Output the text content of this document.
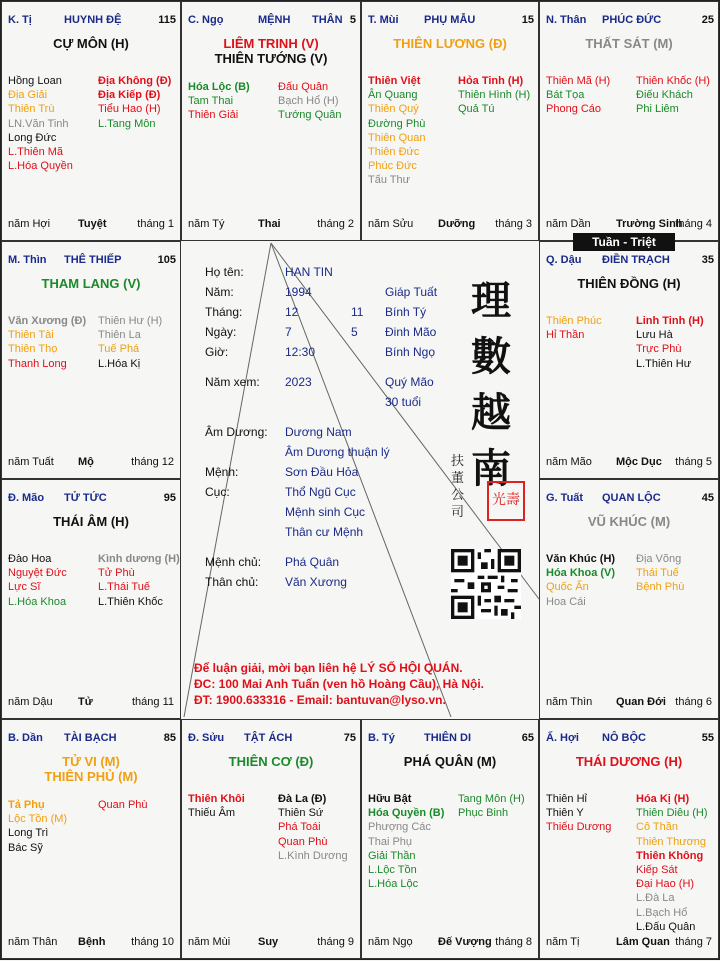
K. Tị	HUYNH ĐỆ	115
CỰ MÔN (H)
Hồng Loan
Địa Giải
Thiên Trù
LN.Văn Tinh
Long Đức
L.Thiên Mã
L.Hóa Quyền
Địa Không (Đ)
Địa Kiếp (Đ)
Tiểu Hao (H)
L.Tang Môn
năm Hợi	Tuyệt	tháng 1
C. Ngọ	MỆNH	5
THÂN
LIÊM TRINH (V)
THIÊN TƯỚNG (V)
Hóa Lộc (B)
Tam Thai
Thiên Giải
Đấu Quân
Bạch Hổ (H)
Tướng Quân
năm Tý	Thai	tháng 2
T. Mùi PHỤ MẪU	15
THIÊN LƯƠNG (Đ)
Thiên Việt
Ân Quang
Thiên Quý
Đường Phù
Thiên Quan
Thiên Đức
Phúc Đức
Tấu Thư
Hỏa Tinh (H)
Thiên Hình (H)
Quả Tú
năm Sửu Dưỡng tháng 3
N. Thân PHÚC ĐỨC	25
THẤT SÁT (M)
Thiên Mã (H)
Bát Tọa
Phong Cáo
Thiên Khốc (H)
Điếu Khách
Phi Liêm
năm Dần Trường Sinh
tháng 4
M. Thìn THÊ THIẾP	105
THAM LANG (V)
Văn Xương (Đ)
Thiên Tài
Thiên Thọ
Thanh Long
Thiên Hư (H)
Thiên La
Tuế Phá
L.Hóa Kị
năm Tuất Mộ	tháng 12
Q. Dậu ĐIỀN TRẠCH	35
THIÊN ĐỒNG (H)
Thiên Phúc
Hỉ Thần
Linh Tinh (H)
Lưu Hà
Trực Phù
L.Thiên Hư
năm Mão Mộc Dục tháng 5
Đ. Mão TỬ TỨC	95
THÁI ÂM (H)
Đào Hoa
Nguyệt Đức
Lực Sĩ
L.Hóa Khoa
Kình dương (H)
Tử Phù
L.Thái Tuế
L.Thiên Khốc
năm Dậu Tử	tháng 11
G. Tuất QUAN LỘC	45
VŨ KHÚC (M)
Văn Khúc (H)
Hóa Khoa (V)
Quốc Ấn
Hoa Cái
Địa Võng
Thái Tuế
Bệnh Phù
năm Thìn Quan Đới tháng 6
B. Dần TÀI BẠCH	85
TỬ VI (M)
THIÊN PHỦ (M)
Tả Phụ
Lộc Tồn (M)
Long Trì
Bác Sỹ
Quan Phù
năm Thân Bệnh tháng 10
Đ. Sửu TẬT ÁCH	75
THIÊN CƠ (Đ)
Thiên Khôi
Thiếu Âm
Đà La (Đ)
Thiên Sứ
Phá Toái
Quan Phù
L.Kình Dương
năm Mùi	Suy	tháng 9
B. Tý	THIÊN DI	65
PHÁ QUÂN (M)
Hữu Bật
Hóa Quyền (B)
Phượng Các
Thai Phụ
Giải Thần
L.Lộc Tồn
L.Hóa Lộc
Tang Môn (H)
Phục Binh
năm Ngọ Đế Vượng tháng 8
Ấ. Hợi NÔ BỘC	55
THÁI DƯƠNG (H)
Thiên Hỉ
Thiên Y
Thiếu Dương
Hóa Kị (H)
Thiên Diêu (H)
Cô Thần
Thiên Thương
Thiên Không
Kiếp Sát
Đại Hao (H)
L.Đà La
L.Bạch Hổ
L.Đấu Quân
năm Tị	Lâm Quan tháng 7
Tuần - Triệt
Họ tên:	HAN TIN
Năm:	1994	Giáp Tuất
Tháng:	12	11 Bính Tý
Ngày:	7	5 Đinh Mão
Giờ:	12:30	Bính Ngọ
Năm xem: 2023	Quý Mão
30 tuổi
Âm Dương: Dương Nam
Âm Dương thuận lý
Mệnh:	Sơn Đầu Hỏa
Cục:	Thổ Ngũ Cục
Mệnh sinh Cục
Thân cư Mệnh
Mệnh chủ: Phá Quân
Thân chủ: Văn Xương
理數越南
扶董公司
光壽
Để luận giải, mời bạn liên hệ LÝ SỐ HỘI QUÁN.
ĐC: 100 Mai Anh Tuấn (ven hồ Hoàng Cầu), Hà Nội.
ĐT: 1900.633316 - Email: bantuvan@lyso.vn.
